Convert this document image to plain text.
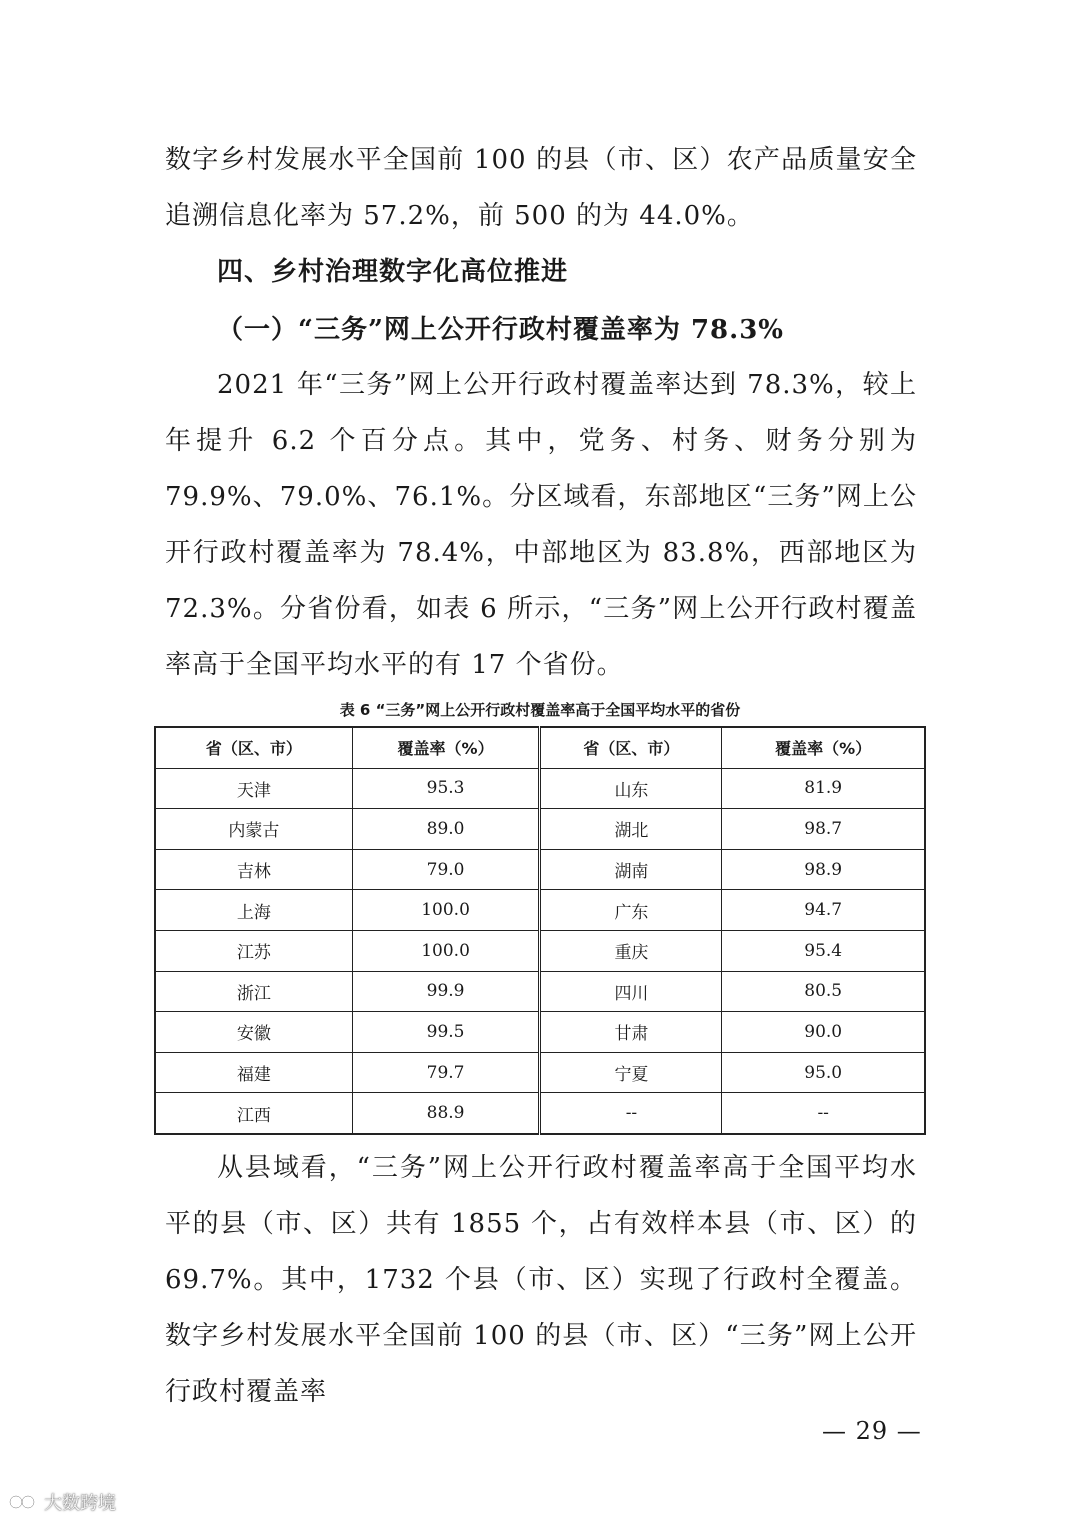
数字乡村发展水平全国前 100 的县（市、区）农产品质量安全追溯信息化率为 57.2%，前 500 的为 44.0%。

四、乡村治理数字化高位推进
（一）“三务”网上公开行政村覆盖率为 78.3%

2021 年“三务”网上公开行政村覆盖率达到 78.3%，较上年提升 6.2 个百分点。其中，党务、村务、财务分别为 79.9%、79.0%、76.1%。分区域看，东部地区“三务”网上公开行政村覆盖率为 78.4%，中部地区为 83.8%，西部地区为 72.3%。分省份看，如表 6 所示，“三务”网上公开行政村覆盖率高于全国平均水平的有 17 个省份。

表 6 “三务”网上公开行政村覆盖率高于全国平均水平的省份

省（区、市）	覆盖率（%）	省（区、市）	覆盖率（%）
天津	95.3	山东	81.9
内蒙古	89.0	湖北	98.7
吉林	79.0	湖南	98.9
上海	100.0	广东	94.7
江苏	100.0	重庆	95.4
浙江	99.9	四川	80.5
安徽	99.5	甘肃	90.0
福建	79.7	宁夏	95.0
江西	88.9	--	--

从县域看，“三务”网上公开行政村覆盖率高于全国平均水平的县（市、区）共有 1855 个，占有效样本县（市、区）的 69.7%。其中，1732 个县（市、区）实现了行政村全覆盖。数字乡村发展水平全国前 100 的县（市、区）“三务”网上公开行政村覆盖率

— 29 —
大数跨境
